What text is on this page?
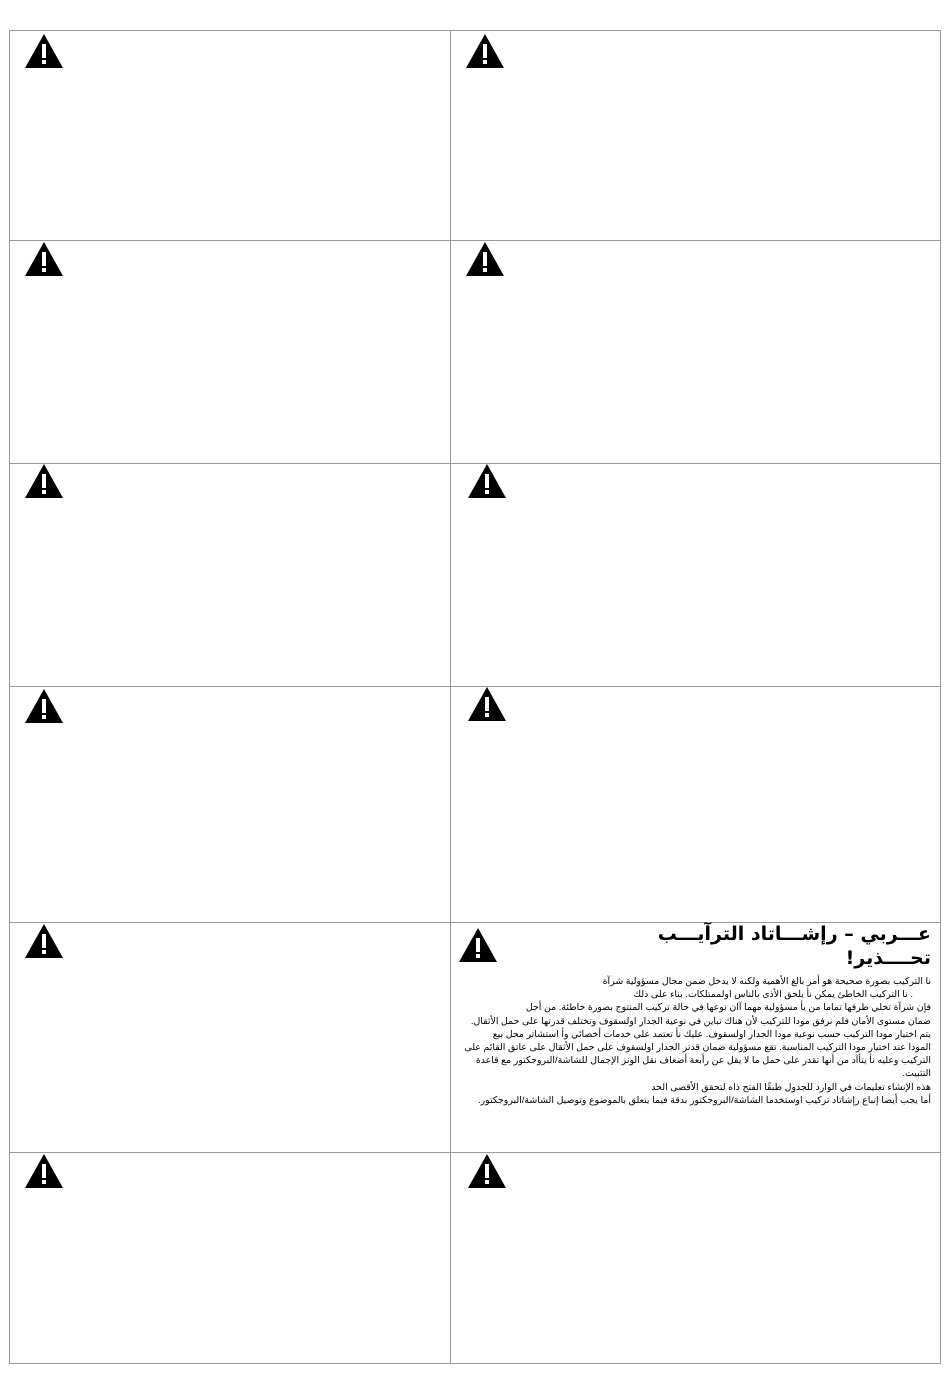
عـــربي – رإشـــاتاد الترآيـــب
تحــــذير!
ﻧﺎ التركيب بصورة صحيحة ﻫﻮ أمر بالغ الأهمية ولكنه لا يدخل ضمن مجال مسؤولية شرآة
. ﻧﺎ التركيب الخاطئ يمكن ﻧﺄ يلحق الأﺫﻯ بالناس اولممتلكات. بناء على ذلك
فإن شرآة تخلي طرفها تماما من ﻳﺄ مسؤولية مهما ﺁان نوعها في حالة تركيب المنتوج بصورة خاطئة. من أجل
ضمان مستوى الأمان فلم نرفق مودا للتركيب لأن ﻫﻨﺎك تباين في نوعية الجدار اولسقوف وتختلف قدرتها على حمل الأثقال.
يتم اختيار مودا التركيب حسب نوعية مودا الجدار اولسقوف. عليك ﻧﺄ تعتمد على خدمات أخصائي ﻭﺃ استشاتر محل بيع
المودا عند اختيار مودا التركيب المناسبة. تقع مسؤولية ضمان قدتر الجدار اولسقوف على حمل الأثقال على عاتق القائم على
التركيب وعليه ﻧﺄ يتأآد من أنها تقدر على حمل ما لا يقل عن رأبعة أضعاف نقل الونز الإجمال للشاشة/البروجكتور مع قاعدة
التثبيت.
ﻫﺬه الإنشاء تعليمات في الوارد للجدول طبقًا الفتح ﺫاه لتحقق الأقصى الحد
أما يجب أيضا إتباع رإشاتاد تركيب اوستخدما الشاشة/البروجكتور بدقة فيما يتعلق بالموضوع وتوصيل الشاشة/البروجكتور.
